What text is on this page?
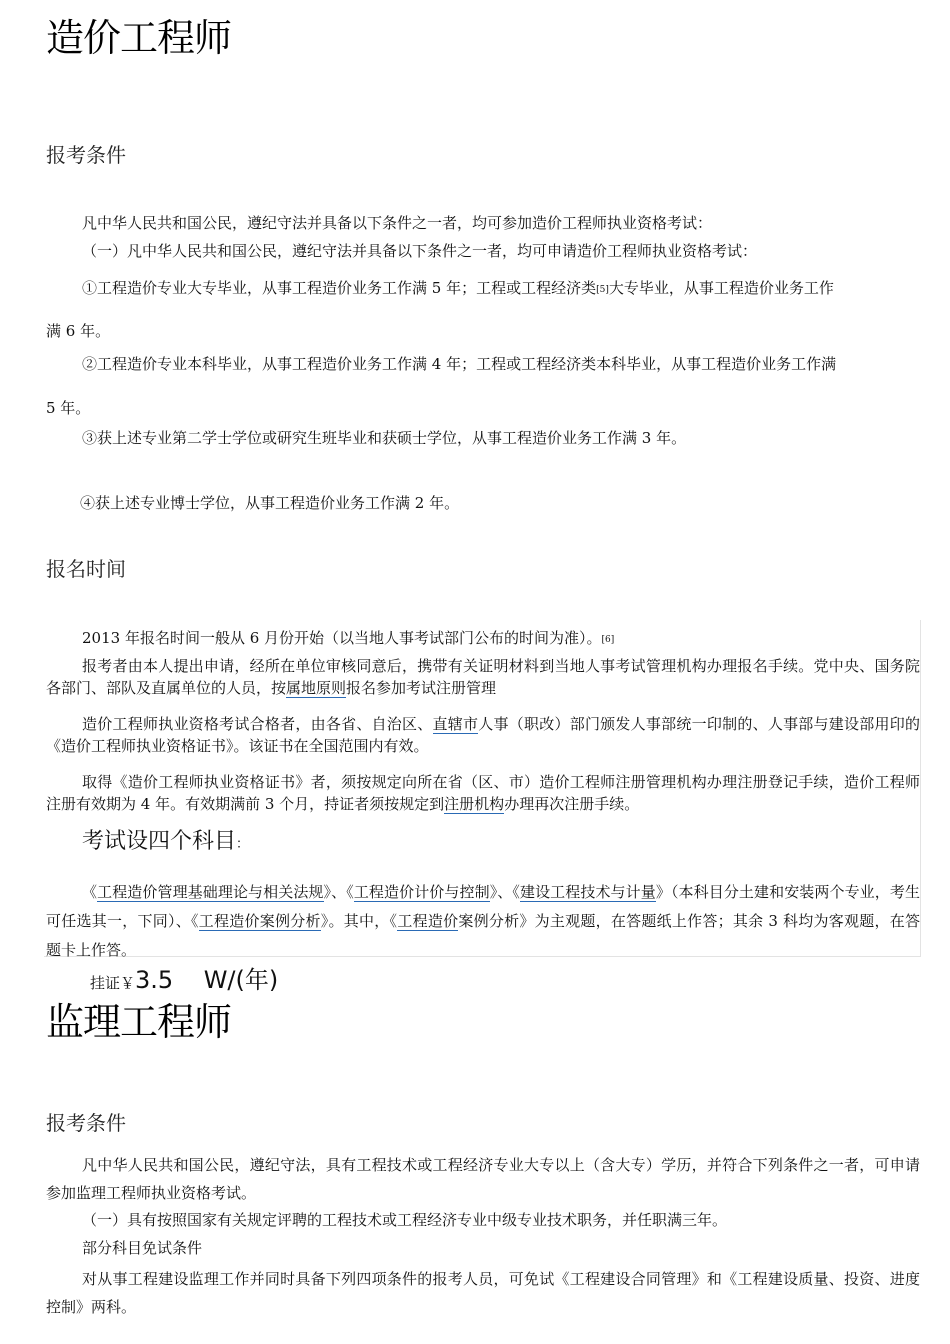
造价工程师
报考条件
凡中华人民共和国公民，遵纪守法并具备以下条件之一者，均可参加造价工程师执业资格考试：
（一）凡中华人民共和国公民，遵纪守法并具备以下条件之一者，均可申请造价工程师执业资格考试：
①工程造价专业大专毕业，从事工程造价业务工作满 5 年；工程或工程经济类[5]大专毕业，从事工程造价业务工作
满 6 年。
②工程造价专业本科毕业，从事工程造价业务工作满 4 年；工程或工程经济类本科毕业，从事工程造价业务工作满
5 年。
③获上述专业第二学士学位或研究生班毕业和获硕士学位，从事工程造价业务工作满 3 年。
④获上述专业博士学位，从事工程造价业务工作满 2 年。
报名时间
2013 年报名时间一般从 6 月份开始（以当地人事考试部门公布的时间为准）。[6]
报考者由本人提出申请，经所在单位审核同意后，携带有关证明材料到当地人事考试管理机构办理报名手续。党中央、国务院各部门、部队及直属单位的人员，按属地原则报名参加考试注册管理
造价工程师执业资格考试合格者，由各省、自治区、直辖市人事（职改）部门颁发人事部统一印制的、人事部与建设部用印的《造价工程师执业资格证书》。该证书在全国范围内有效。
取得《造价工程师执业资格证书》者，须按规定向所在省（区、市）造价工程师注册管理机构办理注册登记手续，造价工程师注册有效期为 4 年。有效期满前 3 个月，持证者须按规定到注册机构办理再次注册手续。
考试设四个科目：
《工程造价管理基础理论与相关法规》、《工程造价计价与控制》、《建设工程技术与计量》（本科目分土建和安装两个专业，考生可任选其一，下同）、《工程造价案例分析》。其中，《工程造价案例分析》为主观题，在答题纸上作答；其余 3 科均为客观题，在答题卡上作答。
挂证￥3.5    W/(年)
监理工程师
报考条件
凡中华人民共和国公民，遵纪守法，具有工程技术或工程经济专业大专以上（含大专）学历，并符合下列条件之一者，可申请参加监理工程师执业资格考试。
（一）具有按照国家有关规定评聘的工程技术或工程经济专业中级专业技术职务，并任职满三年。
部分科目免试条件
对从事工程建设监理工作并同时具备下列四项条件的报考人员，可免试《工程建设合同管理》和《工程建设质量、投资、进度控制》两科。
